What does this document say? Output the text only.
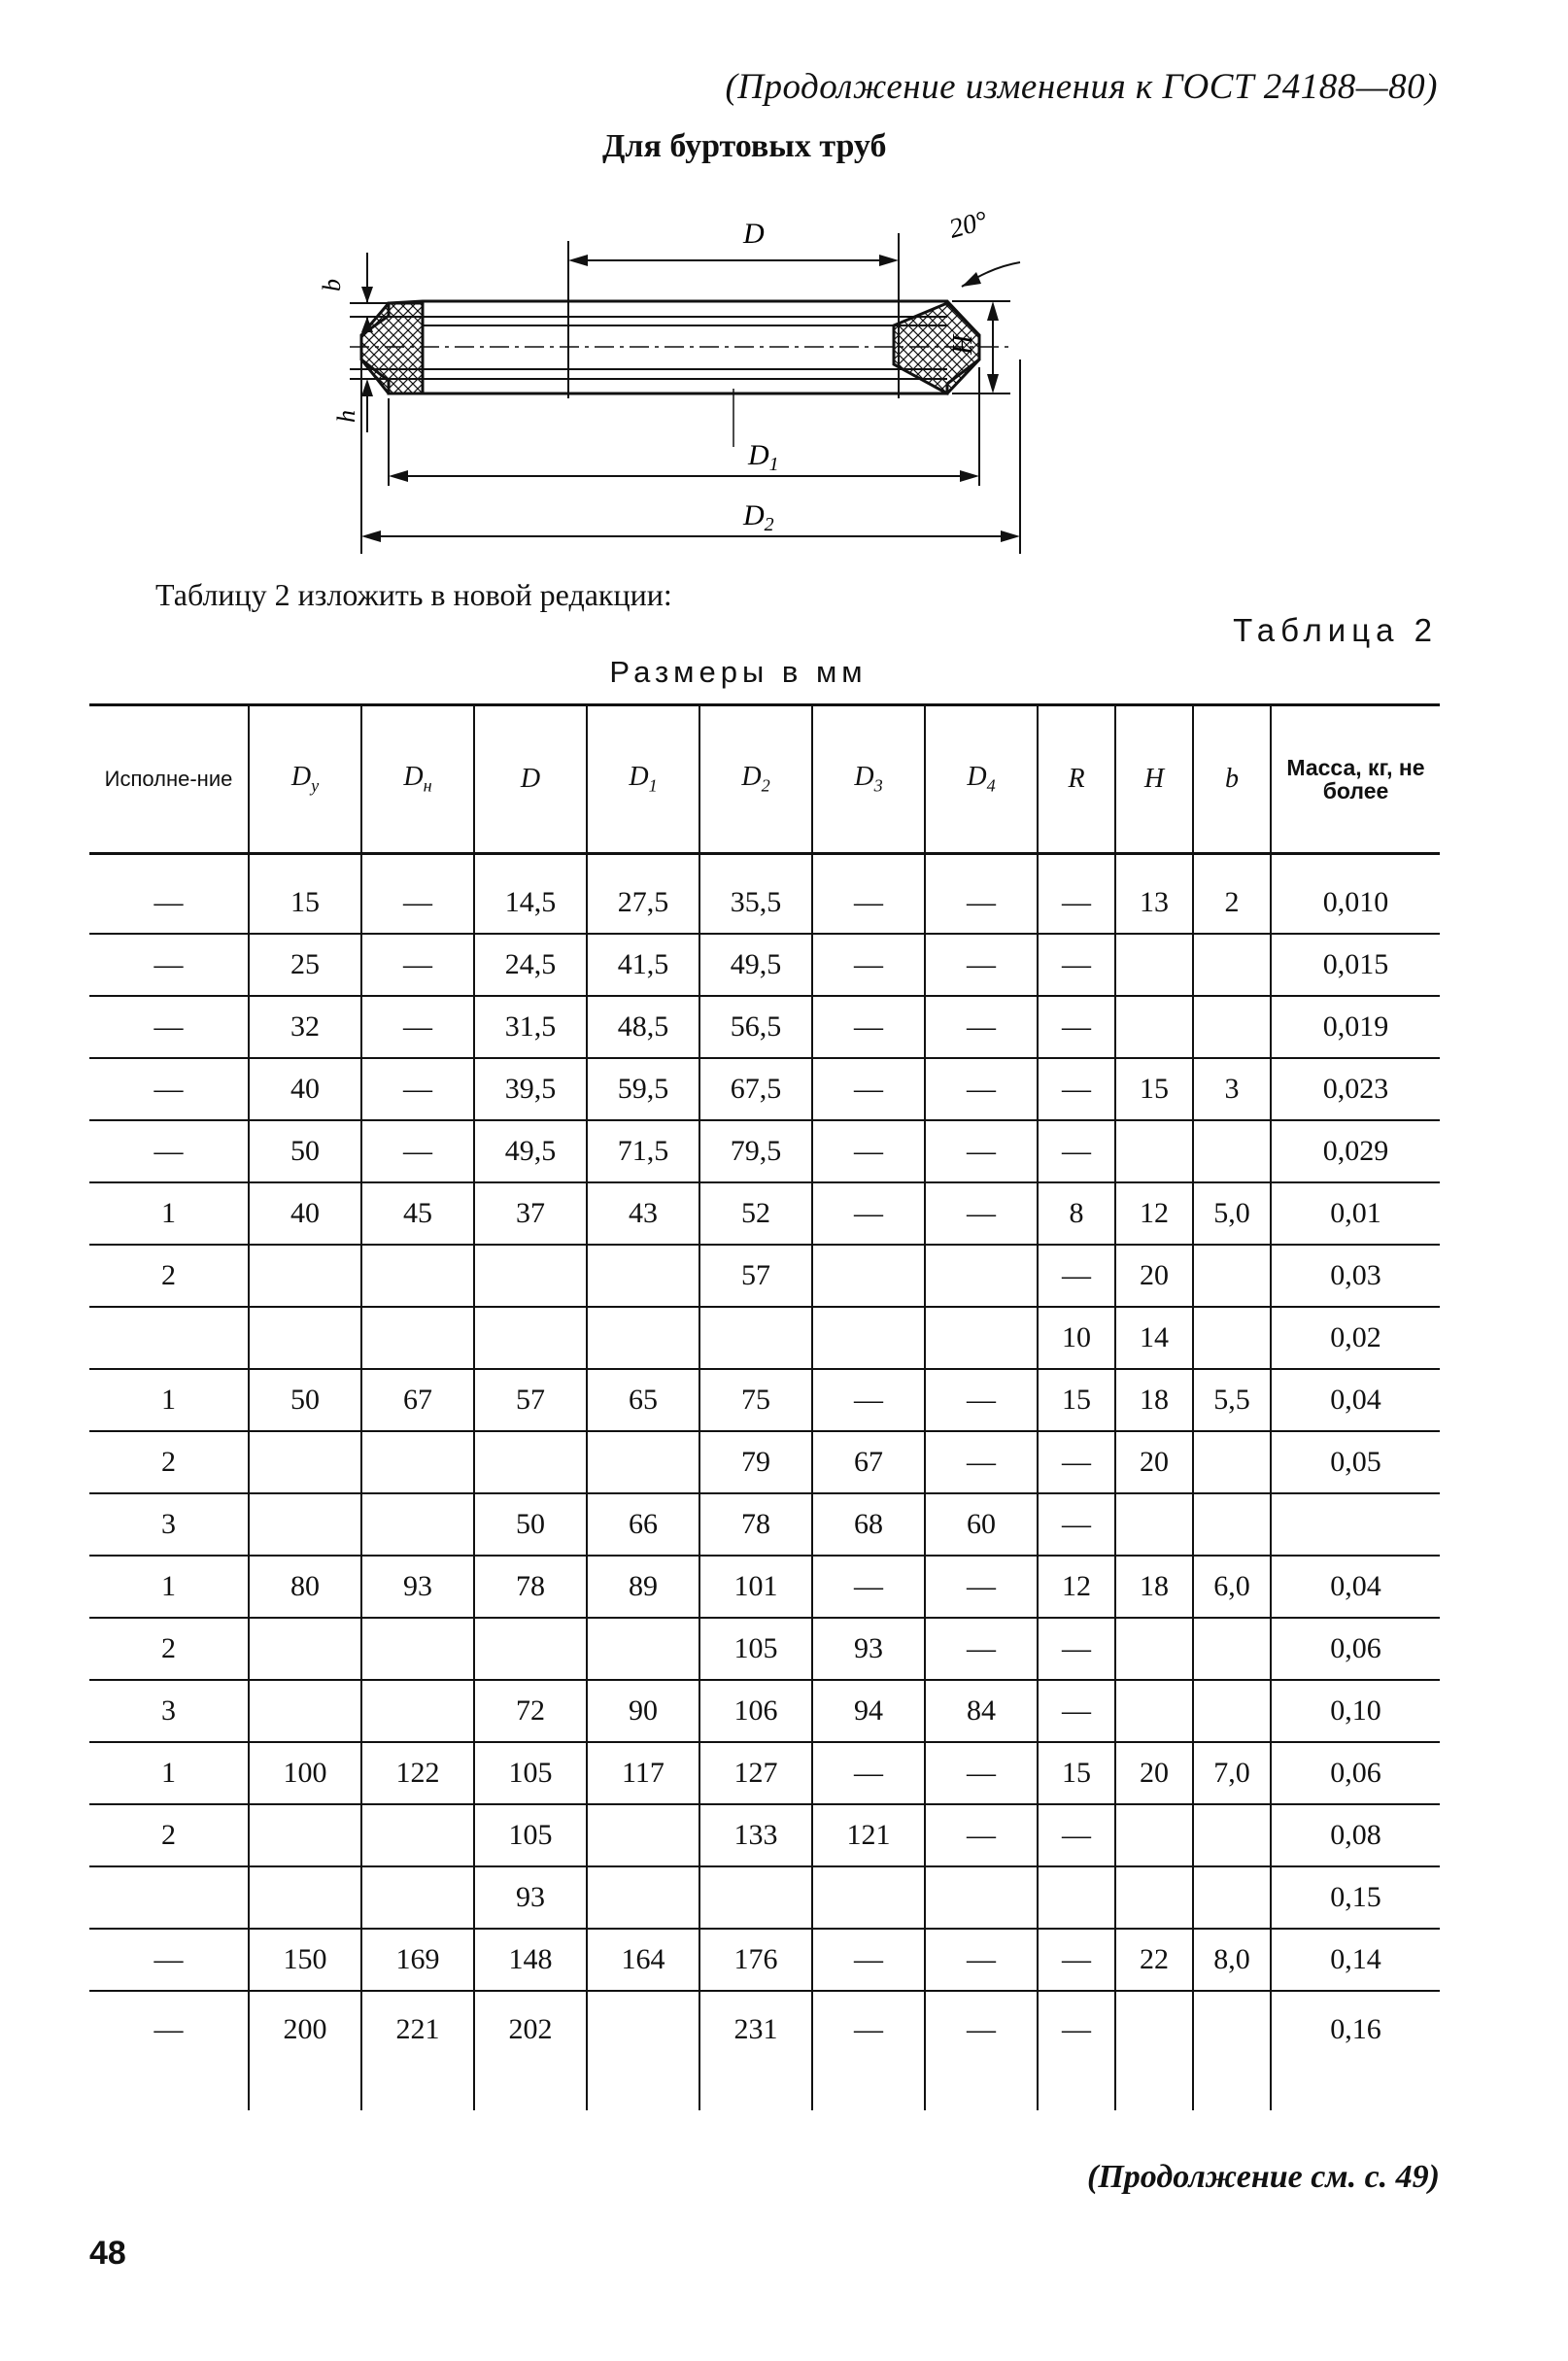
(Продолжение изменения к ГОСТ 24188—80)
Для буртовых труб
D
H
20°
b
h
$D_1$
$D_2$
Таблицу 2 изложить в новой редакции:
Таблица 2
Размеры в мм
Исполне-ние	$D_у$	$D_н$	D	$D_1$	$D_2$	$D_3$	$D_4$	R	H	b	Масса, кг, не более
—	15	—	14,5	27,5	35,5	—	—	—	13	2	0,010
—	25	—	24,5	41,5	49,5	—	—	—			0,015
—	32	—	31,5	48,5	56,5	—	—	—			0,019
—	40	—	39,5	59,5	67,5	—	—	—	15	3	0,023
—	50	—	49,5	71,5	79,5	—	—	—			0,029
1	40	45	37	43	52	—	—	8	12	5,0	0,01
2					57			—	20		0,03
								10	14		0,02
1	50	67	57	65	75	—	—	15	18	5,5	0,04
2					79	67	—	—	20		0,05
3			50	66	78	68	60	—			
1	80	93	78	89	101	—	—	12	18	6,0	0,04
2					105	93	—	—			0,06
3			72	90	106	94	84	—			0,10
1	100	122	105	117	127	—	—	15	20	7,0	0,06
2			105		133	121	—	—			0,08
			93								0,15
—	150	169	148	164	176	—	—	—	22	8,0	0,14
—	200	221	202		231	—	—	—			0,16
(Продолжение см. с. 49)
48
